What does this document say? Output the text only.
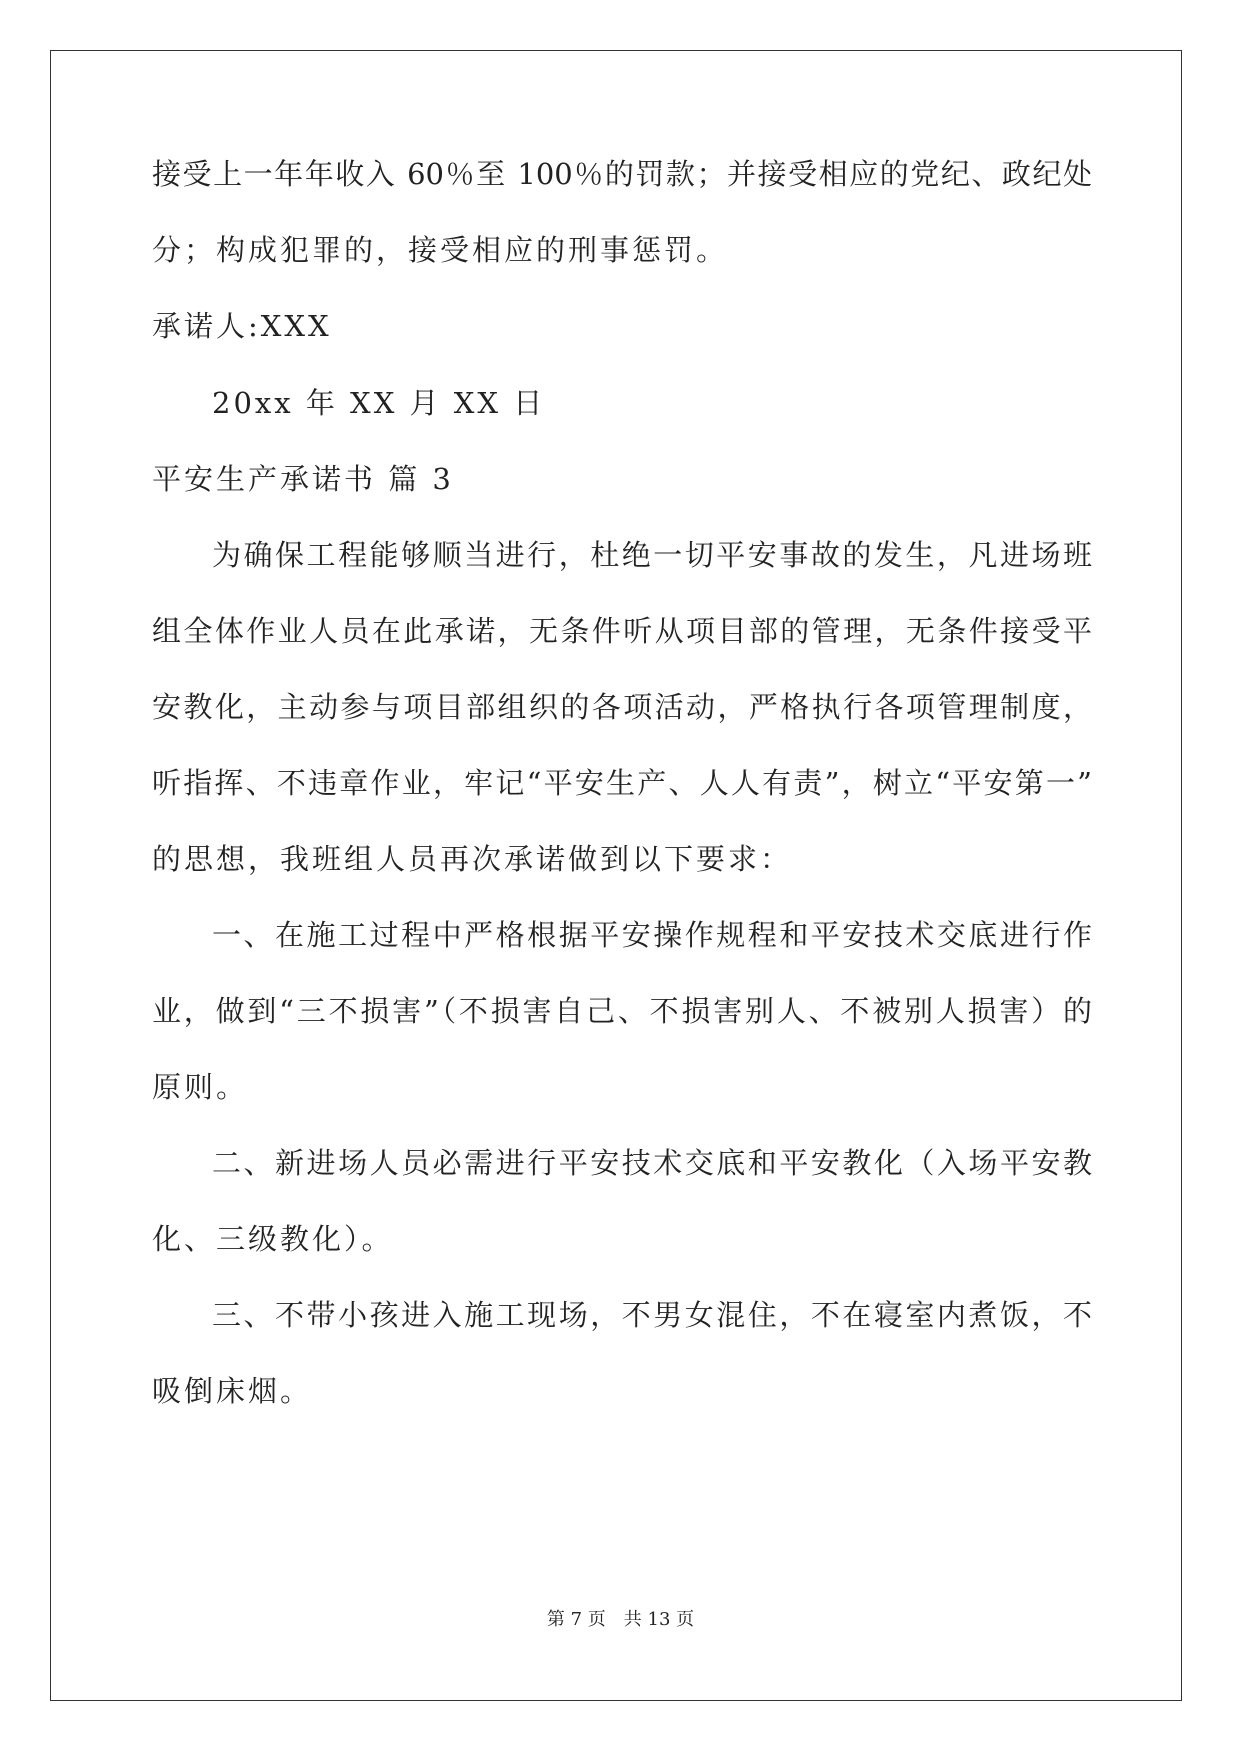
接受上一年年收入 60％至 100％的罚款；并接受相应的党纪、政纪处
分；构成犯罪的，接受相应的刑事惩罚。
承诺人:XXX
20xx 年 XX 月 XX 日
平安生产承诺书 篇 3
为确保工程能够顺当进行，杜绝一切平安事故的发生，凡进场班
组全体作业人员在此承诺，无条件听从项目部的管理，无条件接受平
安教化，主动参与项目部组织的各项活动，严格执行各项管理制度，
听指挥、不违章作业，牢记“平安生产、人人有责”，树立“平安第一”
的思想，我班组人员再次承诺做到以下要求：
一、在施工过程中严格根据平安操作规程和平安技术交底进行作
业，做到“三不损害”（不损害自己、不损害别人、不被别人损害）的
原则。
二、新进场人员必需进行平安技术交底和平安教化（入场平安教
化、三级教化）。
三、不带小孩进入施工现场，不男女混住，不在寝室内煮饭，不
吸倒床烟。
第 7 页　共 13 页
